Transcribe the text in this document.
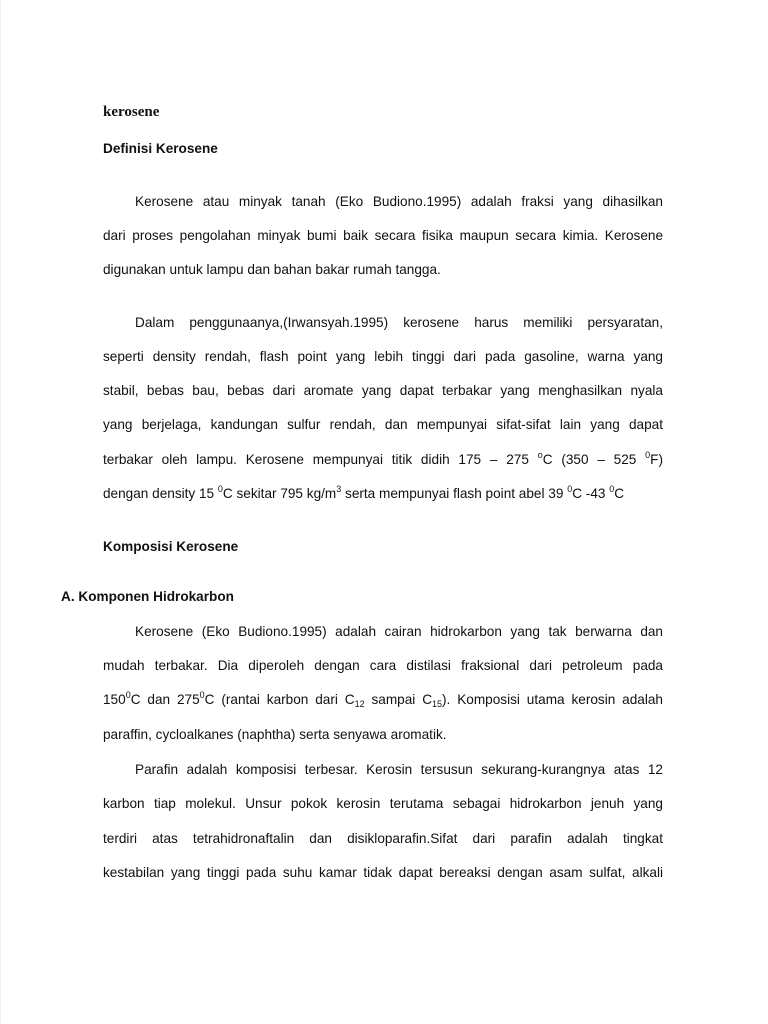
kerosene
Definisi Kerosene
Kerosene atau minyak tanah (Eko Budiono.1995) adalah fraksi yang dihasilkan
dari proses pengolahan minyak bumi baik secara fisika maupun secara kimia. Kerosene
digunakan untuk lampu dan bahan bakar rumah tangga.
Dalam penggunaanya,(Irwansyah.1995) kerosene harus memiliki persyaratan,
seperti density rendah, flash point yang lebih tinggi dari pada gasoline, warna yang
stabil, bebas bau, bebas dari aromate yang dapat terbakar yang menghasilkan nyala
yang berjelaga, kandungan sulfur rendah, dan mempunyai sifat-sifat lain yang dapat
terbakar oleh lampu. Kerosene mempunyai titik didih 175 – 275 $^o$C (350 – 525 $^0$F)
dengan density 15 $^0$C sekitar 795 $kg/m^3$ serta mempunyai flash point abel 39 $^0$C -43 $^0$C
Komposisi Kerosene
A. Komponen Hidrokarbon
Kerosene (Eko Budiono.1995) adalah cairan hidrokarbon yang tak berwarna dan
mudah terbakar. Dia diperoleh dengan cara distilasi fraksional dari petroleum pada
$150^0C$ dan $275^0C$ (rantai karbon dari $C_{12}$ sampai $C_{15}$). Komposisi utama kerosin adalah
paraffin, cycloalkanes (naphtha) serta senyawa aromatik.
Parafin adalah komposisi terbesar. Kerosin tersusun sekurang-kurangnya atas 12
karbon tiap molekul. Unsur pokok kerosin terutama sebagai hidrokarbon jenuh yang
terdiri atas tetrahidronaftalin dan disikloparafin.Sifat dari parafin adalah tingkat
kestabilan yang tinggi pada suhu kamar tidak dapat bereaksi dengan asam sulfat, alkali
